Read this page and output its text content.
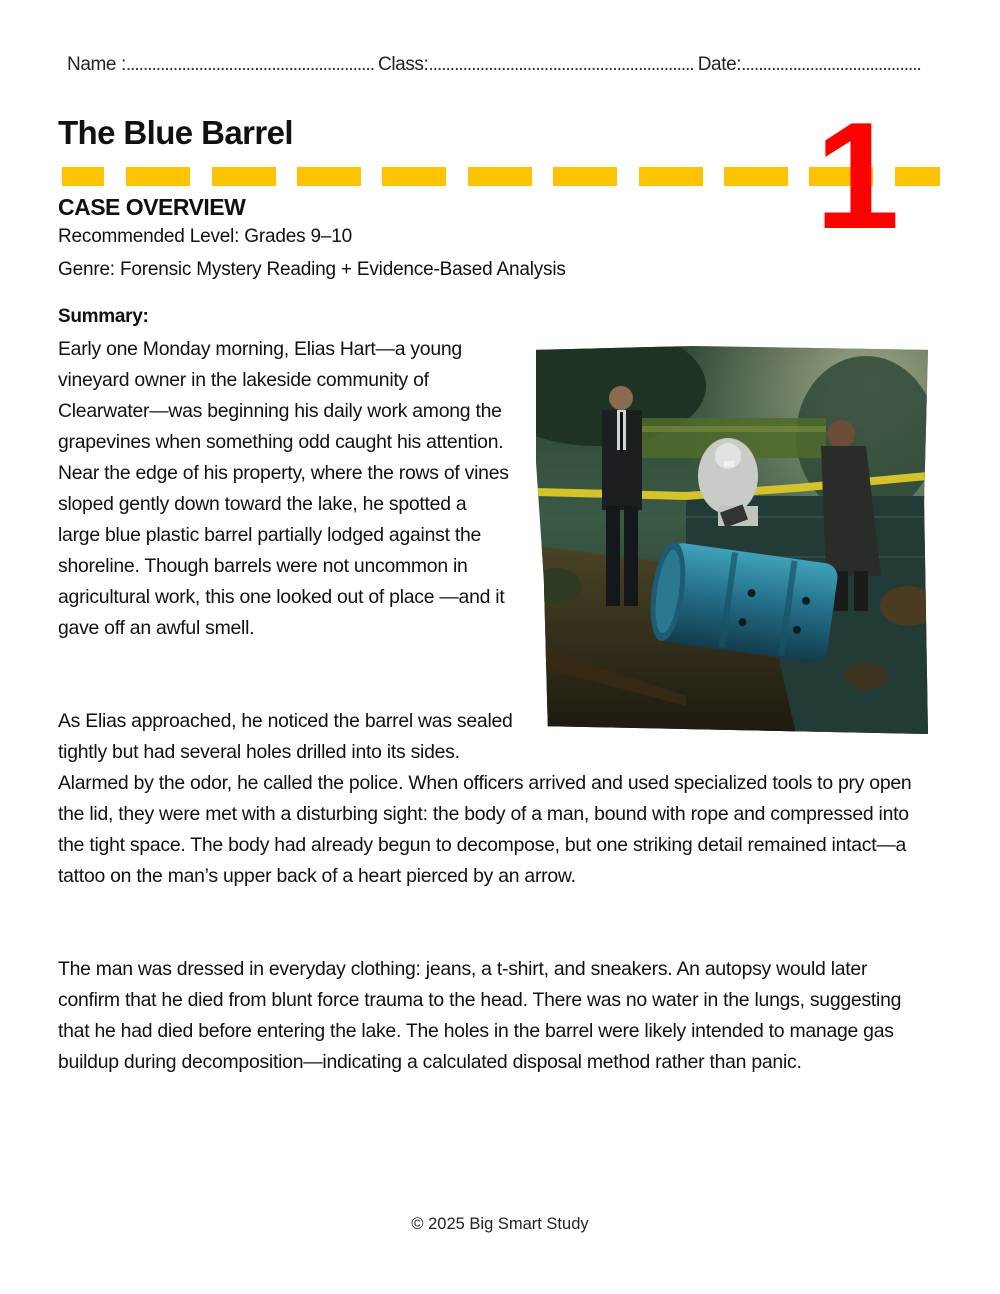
Name : .......................................................... Class: .............................................................. Date: ..........................................
The Blue Barrel	1
CASE OVERVIEW
Recommended Level: Grades 9–10
Genre: Forensic Mystery Reading + Evidence-Based Analysis
Summary:

Early one Monday morning, Elias Hart—a young vineyard owner in the lakeside community of Clearwater—was beginning his daily work among the grapevines when something odd caught his attention. Near the edge of his property, where the rows of vines sloped gently down toward the lake, he spotted a large blue plastic barrel partially lodged against the shoreline. Though barrels were not uncommon in agricultural work, this one looked out of place —and it gave off an awful smell.

As Elias approached, he noticed the barrel was sealed tightly but had several holes drilled into its sides. Alarmed by the odor, he called the police. When officers arrived and used specialized tools to pry open the lid, they were met with a disturbing sight: the body of a man, bound with rope and compressed into the tight space. The body had already begun to decompose, but one striking detail remained intact—a tattoo on the man’s upper back of a heart pierced by an arrow.

The man was dressed in everyday clothing: jeans, a t-shirt, and sneakers. An autopsy would later confirm that he died from blunt force trauma to the head. There was no water in the lungs, suggesting that he had died before entering the lake. The holes in the barrel were likely intended to manage gas buildup during decomposition—indicating a calculated disposal method rather than panic.

© 2025 Big Smart Study
